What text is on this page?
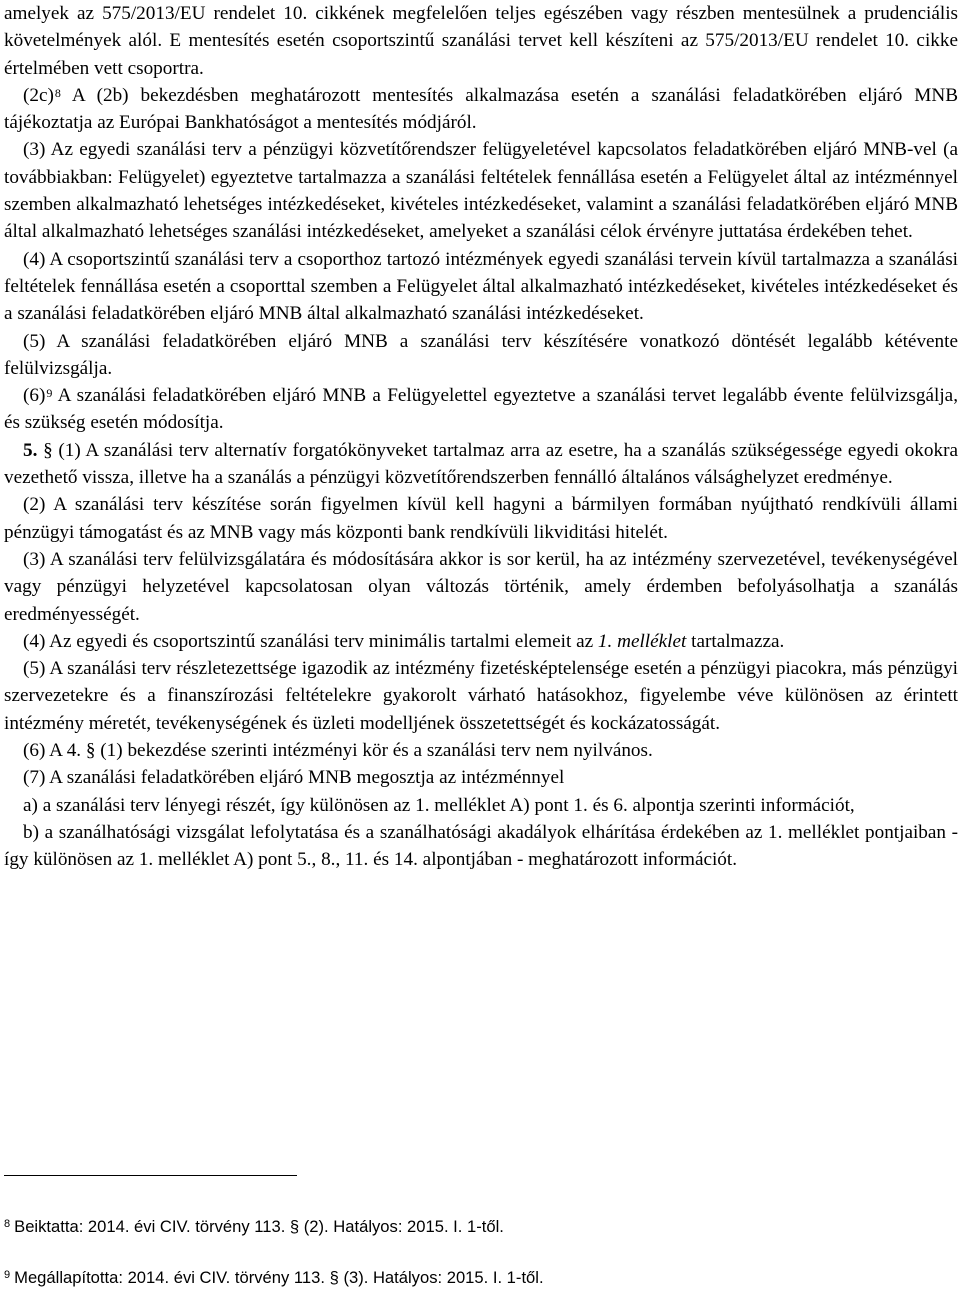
amelyek az 575/2013/EU rendelet 10. cikkének megfelelően teljes egészében vagy részben mentesülnek a prudenciális követelmények alól. E mentesítés esetén csoportszintű szanálási tervet kell készíteni az 575/2013/EU rendelet 10. cikke értelmében vett csoportra.

$(2c)^8$ A (2b) bekezdésben meghatározott mentesítés alkalmazása esetén a szanálási feladatkörében eljáró MNB tájékoztatja az Európai Bankhatóságot a mentesítés módjáról.

(3) Az egyedi szanálási terv a pénzügyi közvetítőrendszer felügyeletével kapcsolatos feladatkörében eljáró MNB-vel (a továbbiakban: Felügyelet) egyeztetve tartalmazza a szanálási feltételek fennállása esetén a Felügyelet által az intézménnyel szemben alkalmazható lehetséges intézkedéseket, kivételes intézkedéseket, valamint a szanálási feladatkörében eljáró MNB által alkalmazható lehetséges szanálási intézkedéseket, amelyeket a szanálási célok érvényre juttatása érdekében tehet.

(4) A csoportszintű szanálási terv a csoporthoz tartozó intézmények egyedi szanálási tervein kívül tartalmazza a szanálási feltételek fennállása esetén a csoporttal szemben a Felügyelet által alkalmazható intézkedéseket, kivételes intézkedéseket és a szanálási feladatkörében eljáró MNB által alkalmazható szanálási intézkedéseket.

(5) A szanálási feladatkörében eljáró MNB a szanálási terv készítésére vonatkozó döntését legalább kétévente felülvizsgálja.

$(6)^9$ A szanálási feladatkörében eljáró MNB a Felügyelettel egyeztetve a szanálási tervet legalább évente felülvizsgálja, és szükség esetén módosítja.

5. § (1) A szanálási terv alternatív forgatókönyveket tartalmaz arra az esetre, ha a szanálás szükségessége egyedi okokra vezethető vissza, illetve ha a szanálás a pénzügyi közvetítőrendszerben fennálló általános válsághelyzet eredménye.

(2) A szanálási terv készítése során figyelmen kívül kell hagyni a bármilyen formában nyújtható rendkívüli állami pénzügyi támogatást és az MNB vagy más központi bank rendkívüli likviditási hitelét.

(3) A szanálási terv felülvizsgálatára és módosítására akkor is sor kerül, ha az intézmény szervezetével, tevékenységével vagy pénzügyi helyzetével kapcsolatosan olyan változás történik, amely érdemben befolyásolhatja a szanálás eredményességét.

(4) Az egyedi és csoportszintű szanálási terv minimális tartalmi elemeit az 1. melléklet tartalmazza.

(5) A szanálási terv részletezettsége igazodik az intézmény fizetésképtelensége esetén a pénzügyi piacokra, más pénzügyi szervezetekre és a finanszírozási feltételekre gyakorolt várható hatásokhoz, figyelembe véve különösen az érintett intézmény méretét, tevékenységének és üzleti modelljének összetettségét és kockázatosságát.

(6) A 4. § (1) bekezdése szerinti intézményi kör és a szanálási terv nem nyilvános.

(7) A szanálási feladatkörében eljáró MNB megosztja az intézménnyel

a) a szanálási terv lényegi részét, így különösen az 1. melléklet A) pont 1. és 6. alpontja szerinti információt,

b) a szanálhatósági vizsgálat lefolytatása és a szanálhatósági akadályok elhárítása érdekében az 1. melléklet pontjaiban - így különösen az 1. melléklet A) pont 5., 8., 11. és 14. alpontjában - meghatározott információt.

$^8$ Beiktatta: 2014. évi CIV. törvény 113. § (2). Hatályos: 2015. I. 1-től.
$^9$ Megállapította: 2014. évi CIV. törvény 113. § (3). Hatályos: 2015. I. 1-től.
